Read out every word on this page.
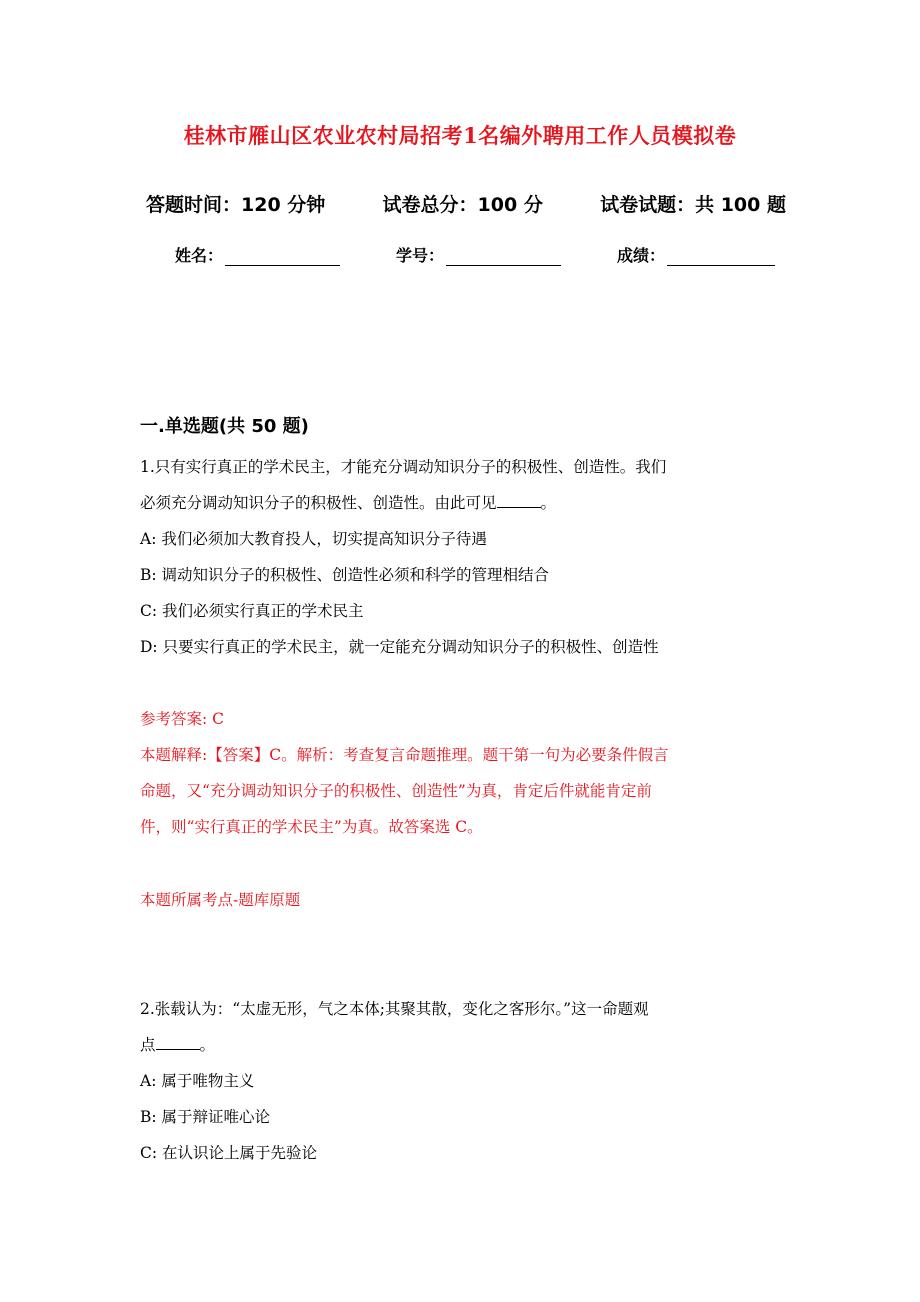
桂林市雁山区农业农村局招考1名编外聘用工作人员模拟卷
答题时间：120 分钟	试卷总分：100 分	试卷试题：共 100 题
姓名：	学号：	成绩：
一.单选题(共 50 题)
1.只有实行真正的学术民主，才能充分调动知识分子的积极性、创造性。我们
必须充分调动知识分子的积极性、创造性。由此可见	。
A: 我们必须加大教育投人，切实提高知识分子待遇
B: 调动知识分子的积极性、创造性必须和科学的管理相结合
C: 我们必须实行真正的学术民主
D: 只要实行真正的学术民主，就一定能充分调动知识分子的积极性、创造性
参考答案: C
本题解释:【答案】C。解析：考查复言命题推理。题干第一句为必要条件假言
命题，又“充分调动知识分子的积极性、创造性”为真，肯定后件就能肯定前
件，则“实行真正的学术民主”为真。故答案选 C。
本题所属考点-题库原题
2.张载认为：“太虚无形，气之本体;其聚其散，变化之客形尔。”这一命题观
点	。
A: 属于唯物主义
B: 属于辩证唯心论
C: 在认识论上属于先验论
